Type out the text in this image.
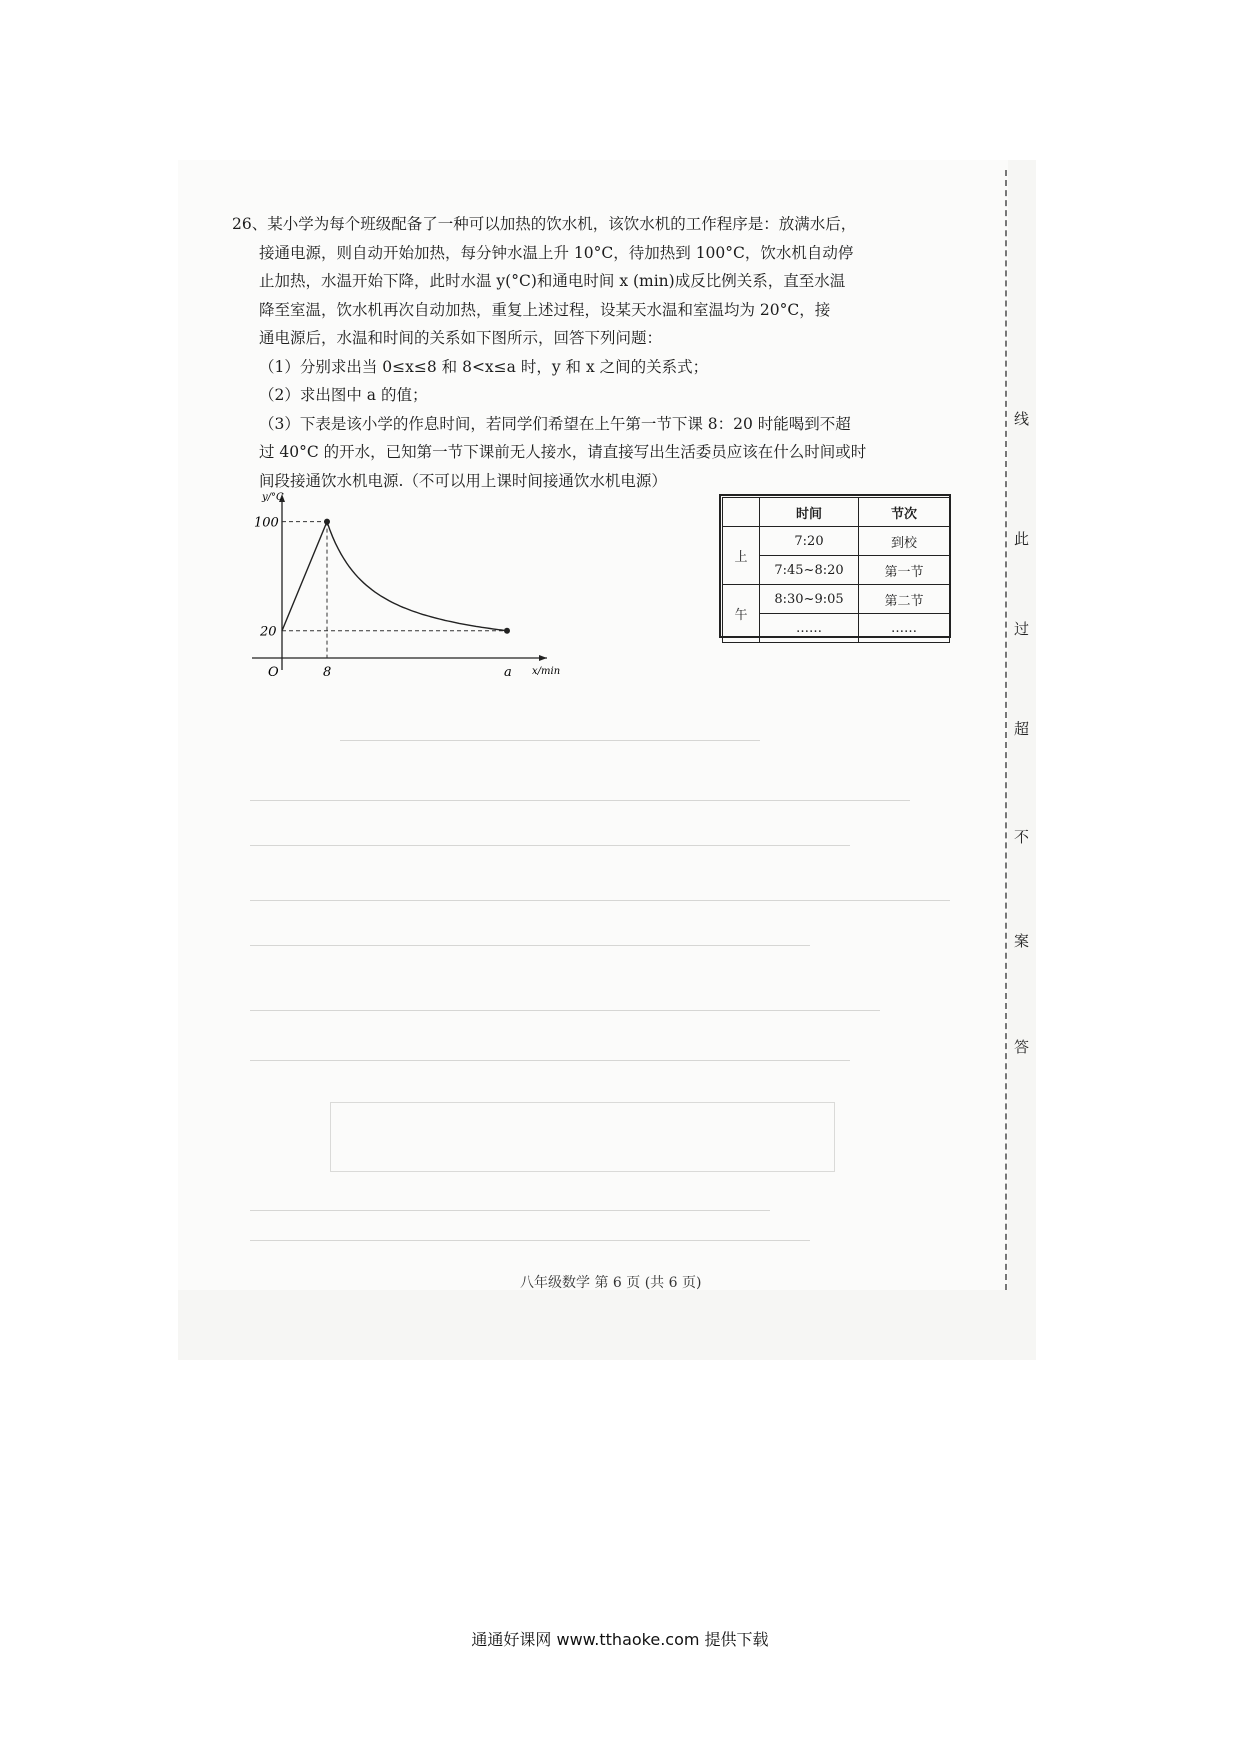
线
此
过
超
不
案
答

26、某小学为每个班级配备了一种可以加热的饮水机，该饮水机的工作程序是：放满水后，

接通电源，则自动开始加热，每分钟水温上升 10°C，待加热到 100°C，饮水机自动停

止加热，水温开始下降，此时水温 y(°C)和通电时间 x (min)成反比例关系，直至水温

降至室温，饮水机再次自动加热，重复上述过程，设某天水温和室温均为 20°C，接

通电源后，水温和时间的关系如下图所示，回答下列问题：

（1）分别求出当 0≤x≤8 和 8<x≤a 时，y 和 x 之间的关系式；

（2）求出图中 a 的值；

（3）下表是该小学的作息时间，若同学们希望在上午第一节下课 8：20 时能喝到不超

过 40°C 的开水，已知第一节下课前无人接水，请直接写出生活委员应该在什么时间或时

间段接通饮水机电源.（不可以用上课时间接通饮水机电源）

y/°C
x/min
O
100
20
8	a
	时间	节次
上	7:20	到校
	7:45~8:20	第一节
午	8:30~9:05	第二节
	……	……
八年级数学 第 6 页 (共 6 页)
通通好课网 www.tthaoke.com 提供下载
